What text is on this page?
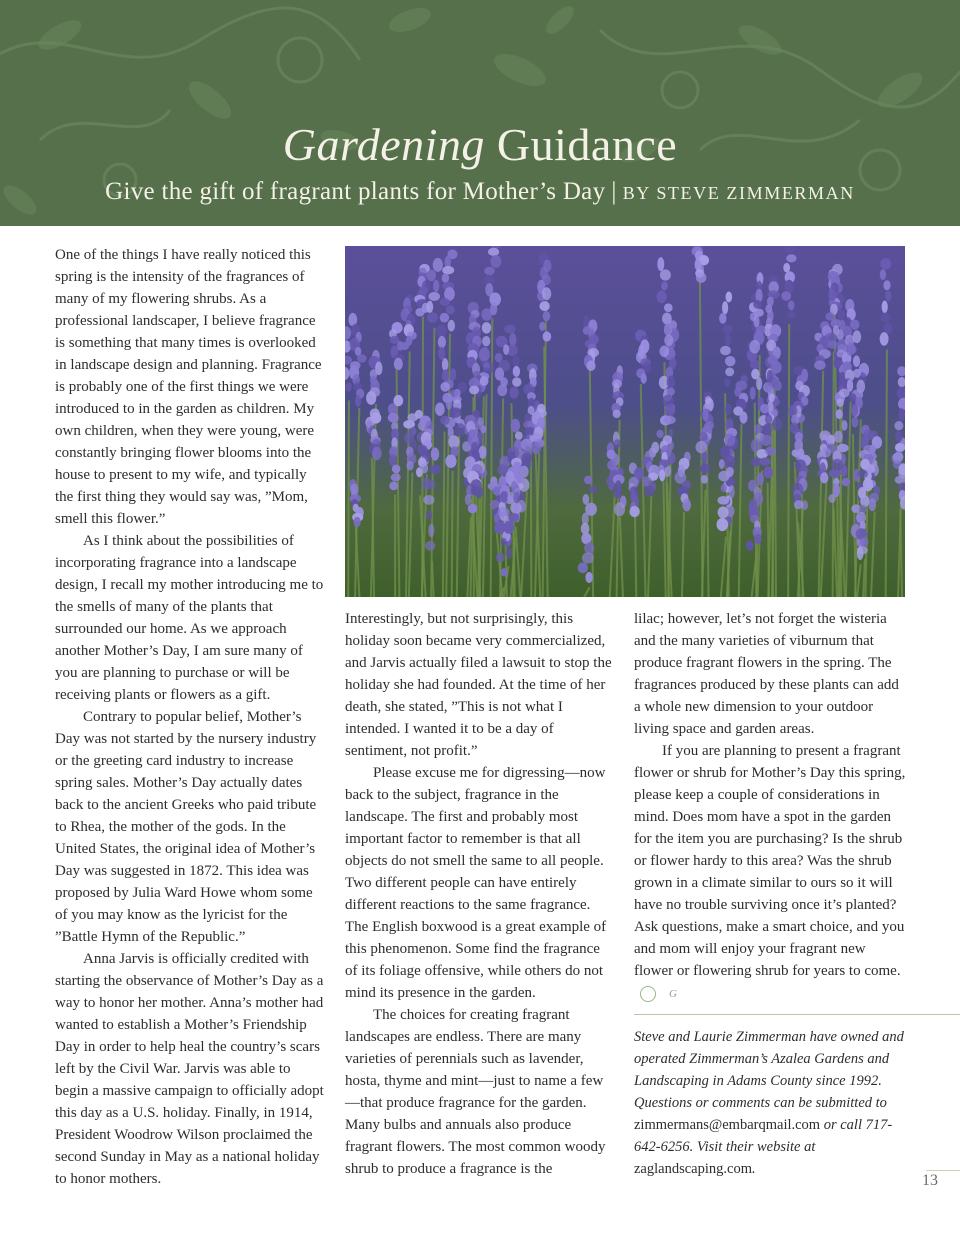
Gardening Guidance
Give the gift of fragrant plants for Mother’s Day | BY STEVE ZIMMERMAN

One of the things I have really noticed this spring is the intensity of the fragrances of many of my flowering shrubs. As a professional landscaper, I believe fragrance is something that many times is overlooked in landscape design and planning. Fragrance is probably one of the first things we were introduced to in the garden as children. My own children, when they were young, were constantly bringing flower blooms into the house to present to my wife, and typically the first thing they would say was, ”Mom, smell this flower.”

As I think about the possibilities of incorporating fragrance into a landscape design, I recall my mother introducing me to the smells of many of the plants that surrounded our home. As we approach another Mother’s Day, I am sure many of you are planning to purchase or will be receiving plants or flowers as a gift.

Contrary to popular belief, Mother’s Day was not started by the nursery industry or the greeting card industry to increase spring sales. Mother’s Day actually dates back to the ancient Greeks who paid tribute to Rhea, the mother of the gods. In the United States, the original idea of Mother’s Day was suggested in 1872. This idea was proposed by Julia Ward Howe whom some of you may know as the lyricist for the ”Battle Hymn of the Republic.”

Anna Jarvis is officially credited with starting the observance of Mother’s Day as a way to honor her mother. Anna’s mother had wanted to establish a Mother’s Friendship Day in order to help heal the country’s scars left by the Civil War. Jarvis was able to begin a massive campaign to officially adopt this day as a U.S. holiday. Finally, in 1914, President Woodrow Wilson proclaimed the second Sunday in May as a national holiday to honor mothers.

Interestingly, but not surprisingly, this holiday soon became very commercialized, and Jarvis actually filed a lawsuit to stop the holiday she had founded. At the time of her death, she stated, ”This is not what I intended. I wanted it to be a day of sentiment, not profit.”

Please excuse me for digressing—now back to the subject, fragrance in the landscape. The first and probably most important factor to remember is that all objects do not smell the same to all people. Two different people can have entirely different reactions to the same fragrance. The English boxwood is a great example of this phenomenon. Some find the fragrance of its foliage offensive, while others do not mind its presence in the garden.

The choices for creating fragrant landscapes are endless. There are many varieties of perennials such as lavender, hosta, thyme and mint—just to name a few—that produce fragrance for the garden. Many bulbs and annuals also produce fragrant flowers. The most common woody shrub to produce a fragrance is the

lilac; however, let’s not forget the wisteria and the many varieties of viburnum that produce fragrant flowers in the spring. The fragrances produced by these plants can add a whole new dimension to your outdoor living space and garden areas.

If you are planning to present a fragrant flower or shrub for Mother’s Day this spring, please keep a couple of considerations in mind. Does mom have a spot in the garden for the item you are purchasing? Is the shrub or flower hardy to this area? Was the shrub grown in a climate similar to ours so it will have no trouble surviving once it’s planted? Ask questions, make a smart choice, and you and mom will enjoy your fragrant new flower or flowering shrub for years to come.G

Steve and Laurie Zimmerman have owned and operated Zimmerman’s Azalea Gardens and Landscaping in Adams County since 1992. Questions or comments can be submitted to zimmermans@embarqmail.com or call 717-642-6256. Visit their website at zaglandscaping.com.

13
